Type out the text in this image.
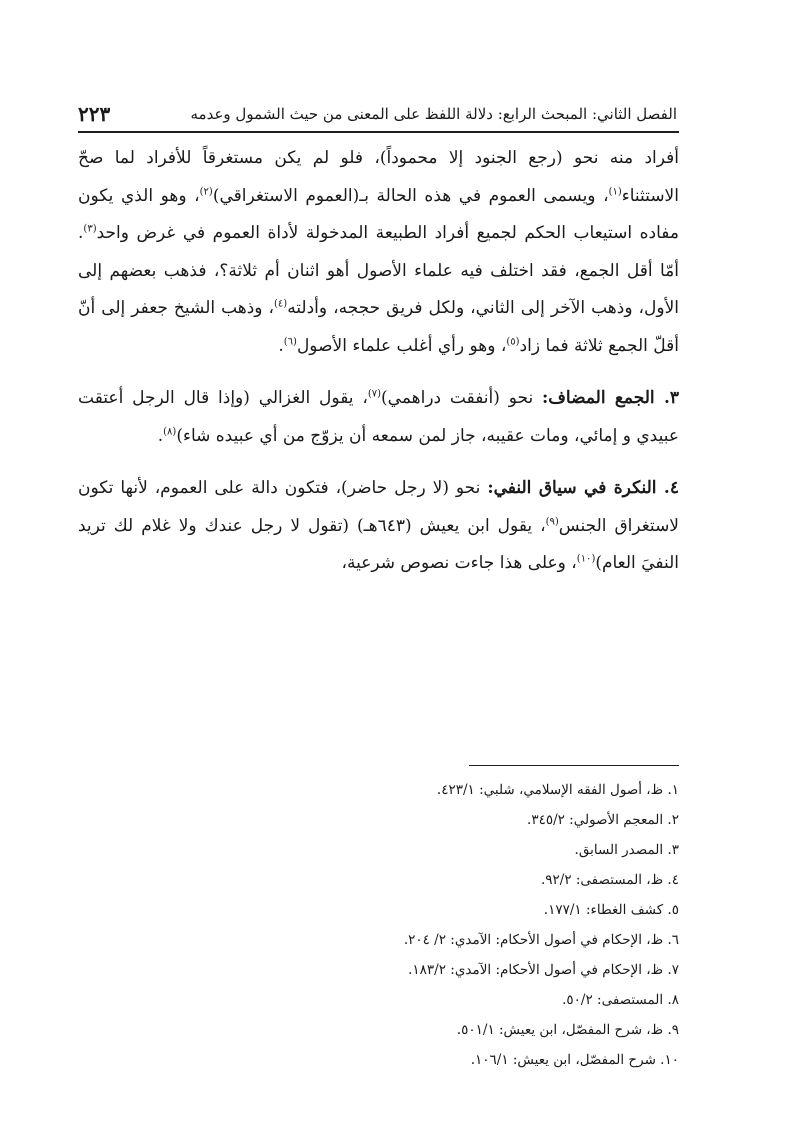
الفصل الثاني: المبحث الرابع: دلالة اللفظ على المعنى من حيث الشمول وعدمه
٢٢٣

أفراد منه نحو (رجع الجنود إلا محموداً)، فلو لم يكن مستغرقاً للأفراد لما صحّ الاستثناء$^{(١)}$، ويسمى العموم في هذه الحالة بـ(العموم الاستغراقي)$^{(٢)}$، وهو الذي يكون مفاده استيعاب الحكم لجميع أفراد الطبيعة المدخولة لأداة العموم في غرض واحد$^{(٣)}$. أمّا أقل الجمع، فقد اختلف فيه علماء الأصول أهو اثنان أم ثلاثة؟، فذهب بعضهم إلى الأول، وذهب الآخر إلى الثاني، ولكل فريق حججه، وأدلته$^{(٤)}$، وذهب الشيخ جعفر إلى أنّ أقلّ الجمع ثلاثة فما زاد$^{(٥)}$، وهو رأي أغلب علماء الأصول$^{(٦)}$.

٣. الجمع المضاف: نحو (أنفقت دراهمي)$^{(٧)}$، يقول الغزالي (وإذا قال الرجل أعتقت عبيدي و إمائي، ومات عقيبه، جاز لمن سمعه أن يزوّج من أي عبيده شاء)$^{(٨)}$.

٤. النكرة في سياق النفي: نحو (لا رجل حاضر)، فتكون دالة على العموم، لأنها تكون لاستغراق الجنس$^{(٩)}$، يقول ابن يعيش (٦٤٣هـ) (تقول لا رجل عندك ولا غلام لك تريد النفيَ العام)$^{(١٠)}$، وعلى هذا جاءت نصوص شرعية،

١. ظ، أصول الفقه الإسلامي، شلبي: ٤٢٣/١.
٢. المعجم الأصولي: ٣٤٥/٢.
٣. المصدر السابق.
٤. ظ، المستصفى: ٩٢/٢.
٥. كشف الغطاء: ١٧٧/١.
٦. ظ، الإحكام في أصول الأحكام: الآمدي: ٢/ ٢٠٤.
٧. ظ، الإحكام في أصول الأحكام: الآمدي: ١٨٣/٢.
٨. المستصفى: ٥٠/٢.
٩. ظ، شرح المفصّل، ابن يعيش: ٥٠١/١.
١٠. شرح المفصّل، ابن يعيش: ١٠٦/١.
